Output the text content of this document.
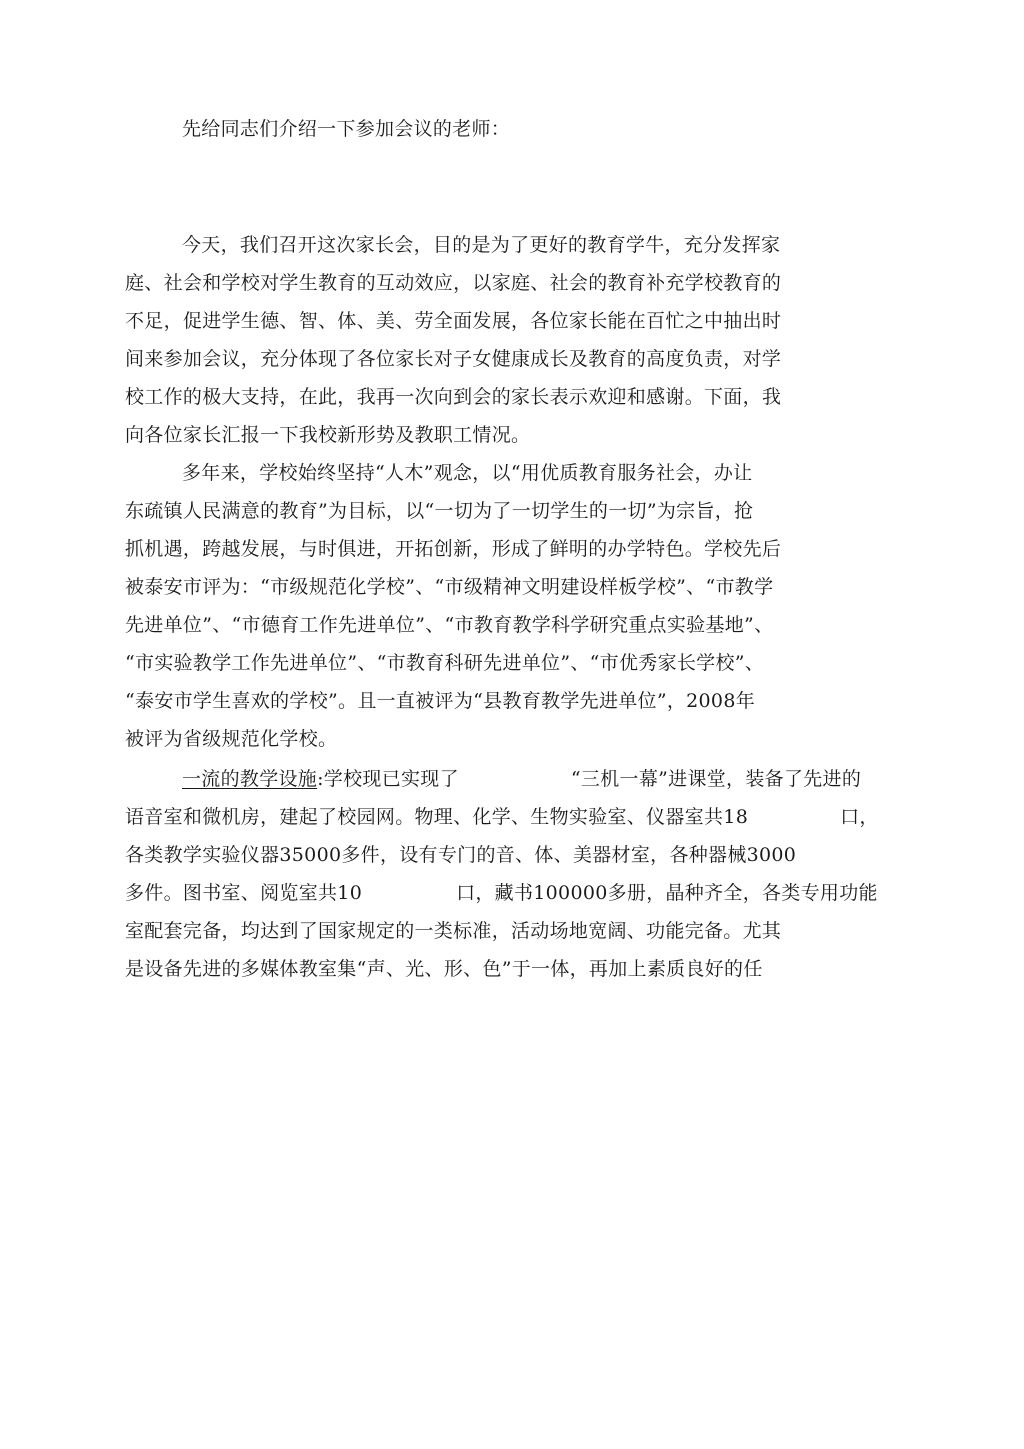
先给同志们介绍一下参加会议的老师：
今天，我们召开这次家长会，目的是为了更好的教育学牛，充分发挥家
庭、社会和学校对学生教育的互动效应，以家庭、社会的教育补充学校教育的
不足，促进学生德、智、体、美、劳全面发展，各位家长能在百忙之中抽出时
间来参加会议，充分体现了各位家长对子女健康成长及教育的高度负责，对学
校工作的极大支持，在此，我再一次向到会的家长表示欢迎和感谢。下面，我
向各位家长汇报一下我校新形势及教职工情况。
多年来，学校始终坚持“人木”观念，以“用优质教育服务社会，办让
东疏镇人民满意的教育”为目标，以“一切为了一切学生的一切”为宗旨，抢
抓机遇，跨越发展，与时俱进，开拓创新，形成了鲜明的办学特色。学校先后
被泰安市评为：“市级规范化学校”、“市级精神文明建设样板学校”、“市教学
先进单位”、“市德育工作先进单位”、“市教育教学科学研究重点实验基地”、
“市实验教学工作先进单位”、“市教育科研先进单位”、“市优秀家长学校”、
“泰安市学生喜欢的学校”。且一直被评为“县教育教学先进单位”，2008年
被评为省级规范化学校。
一流的教学设施:学校现已实现了	“三机一幕”进课堂，装备了先进的
语音室和微机房，建起了校园网。物理、化学、生物实验室、仪器室共18	口，
各类教学实验仪器35000多件，设有专门的音、体、美器材室，各种器械3000
多件。图书室、阅览室共10	口，藏书100000多册，晶种齐全，各类专用功能
室配套完备，均达到了国家规定的一类标准，活动场地宽阔、功能完备。尤其
是设备先进的多媒体教室集“声、光、形、色”于一体，再加上素质良好的任
